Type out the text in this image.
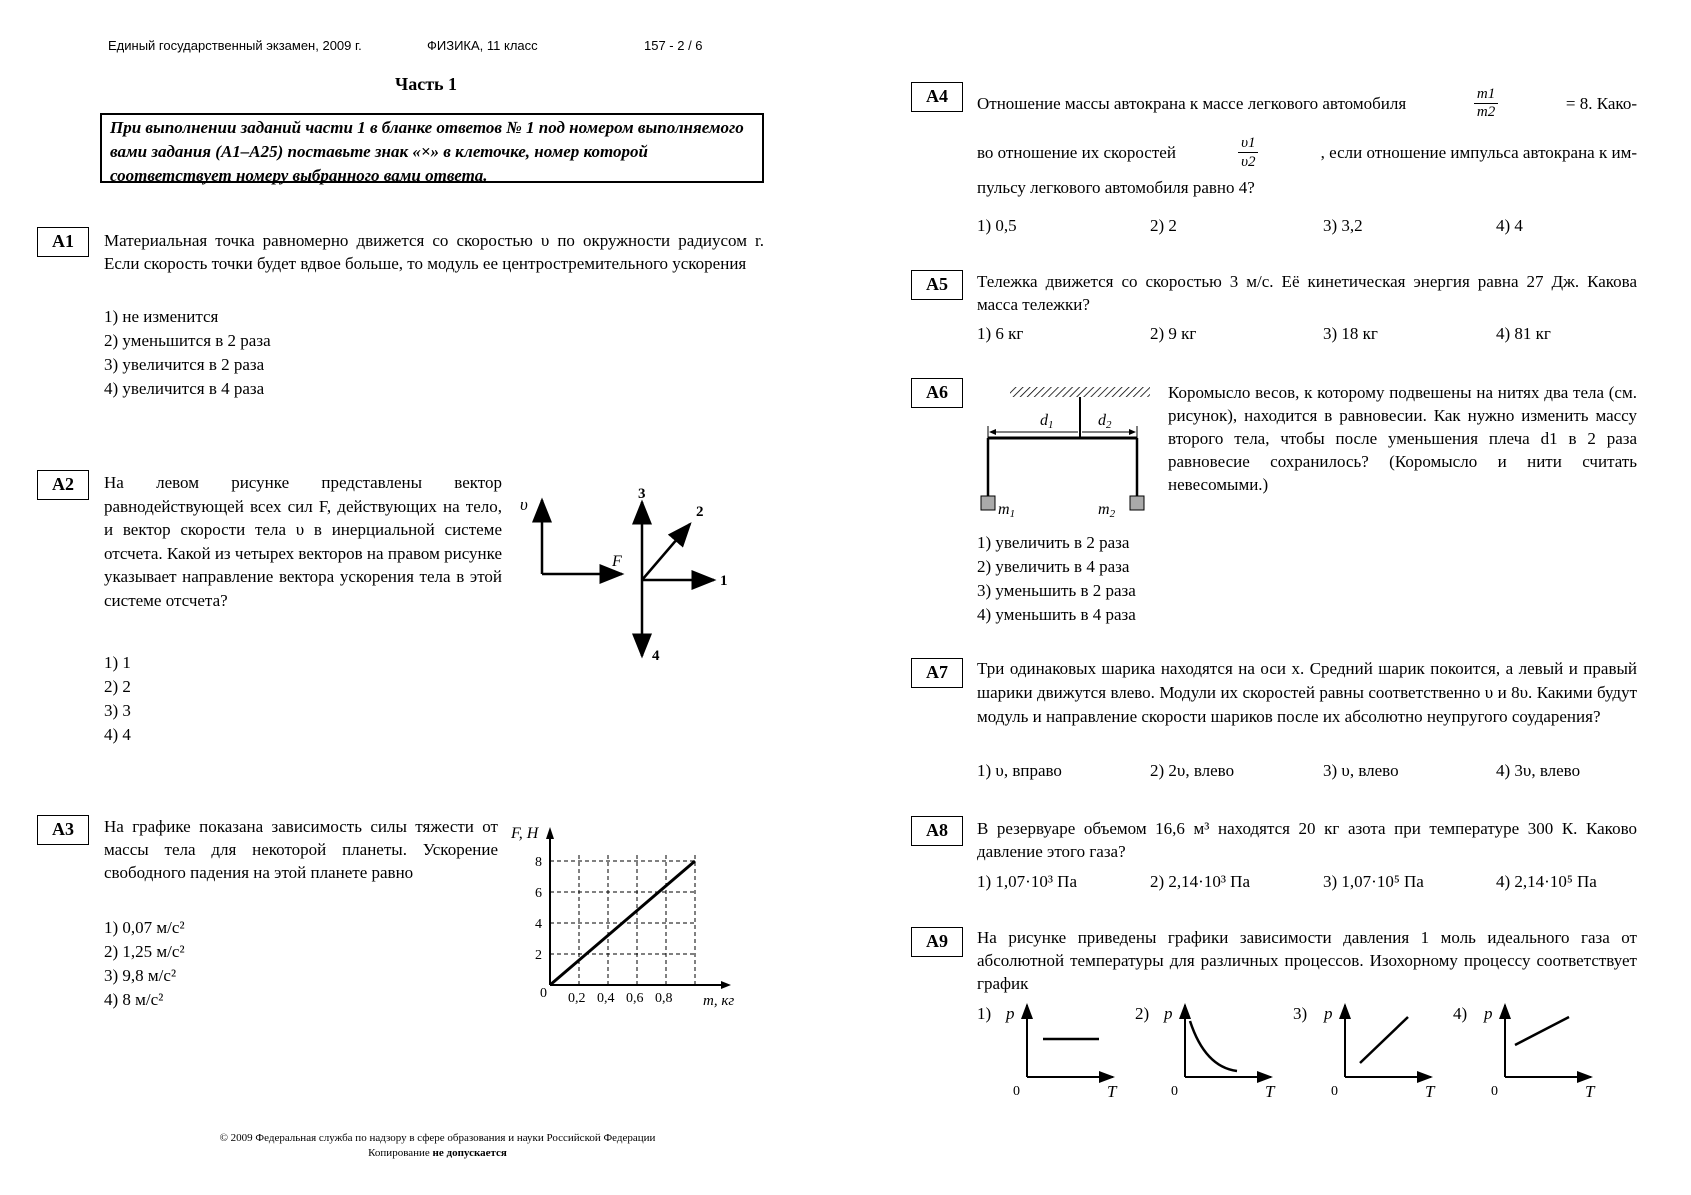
Единый государственный экзамен, 2009 г.	ФИЗИКА, 11 класс	157 - 2 / 6
Часть 1
При выполнении заданий части 1 в бланке ответов № 1 под номером выполняемого вами задания (А1–А25) поставьте знак «×» в клеточке, номер которой соответствует номеру выбранного вами ответа.
А1	Материальная точка равномерно движется со скоростью υ по окружности радиусом r. Если скорость точки будет вдвое больше, то модуль ее центростремительного ускорения
1) не изменится
2) уменьшится в 2 раза
3) увеличится в 2 раза
4) увеличится в 4 раза
А2	На левом рисунке представлены вектор равнодействующей всех сил F, действующих на тело, и вектор скорости тела υ в инерциальной системе отсчета. Какой из четырех векторов на правом рисунке указывает направление вектора ускорения тела в этой системе отсчета?
1) 1
2) 2
3) 3
4) 4
υ
F
3
2
1
4
А3	На графике показана зависимость силы тяжести от массы тела для некоторой планеты. Ускорение свободного падения на этой планете равно
1) 0,07 м/с²
2) 1,25 м/с²
3) 9,8 м/с²
4) 8 м/с²	0,2 0,4 0,6 0,8
2
4
6
8
F, Н
m, кг
0
А4	Отношение массы автокрана к массе легкового автомобиля	$\frac{m1}{m2}$	= 8. Како-
во отношение их скоростей	$\frac{\upsilon 1}{\upsilon 2}$	, если отношение импульса автокрана к им-
пульсу легкового автомобиля равно 4?
1) 0,5	2) 2	3) 3,2	4) 4
А5	Тележка движется со скоростью 3 м/с. Её кинетическая энергия равна 27 Дж. Какова масса тележки?
1) 6 кг	2) 9 кг	3) 18 кг	4) 81 кг
А6
d1	d2
m1	m2
Коромысло весов, к которому подвешены на нитях два тела (см. рисунок), находится в равновесии. Как нужно изменить массу второго тела, чтобы после уменьшения плеча d1 в 2 раза равновесие сохранилось? (Коромысло и нити считать невесомыми.)
1) увеличить в 2 раза
2) увеличить в 4 раза
3) уменьшить в 2 раза
4) уменьшить в 4 раза
А7	Три одинаковых шарика находятся на оси x. Средний шарик покоится, а левый и правый шарики движутся влево. Модули их скоростей равны соответственно υ и 8υ. Какими будут модуль и направление скорости шариков после их абсолютно неупругого соударения?
1) υ, вправо	2) 2υ, влево	3) υ, влево	4) 3υ, влево
А8	В резервуаре объемом 16,6 м³ находятся 20 кг азота при температуре 300 К. Каково давление этого газа?
1) 1,07·10³ Па	2) 2,14·10³ Па	3) 1,07·10⁵ Па	4) 2,14·10⁵ Па
А9	На рисунке приведены графики зависимости давления 1 моль идеального газа от абсолютной температуры для различных процессов. Изохорному процессу соответствует график
1) p
T
0
2) p
T
0
3) p
T
0
4) p
T
0
© 2009 Федеральная служба по надзору в сфере образования и науки Российской Федерации
Копирование не допускается
